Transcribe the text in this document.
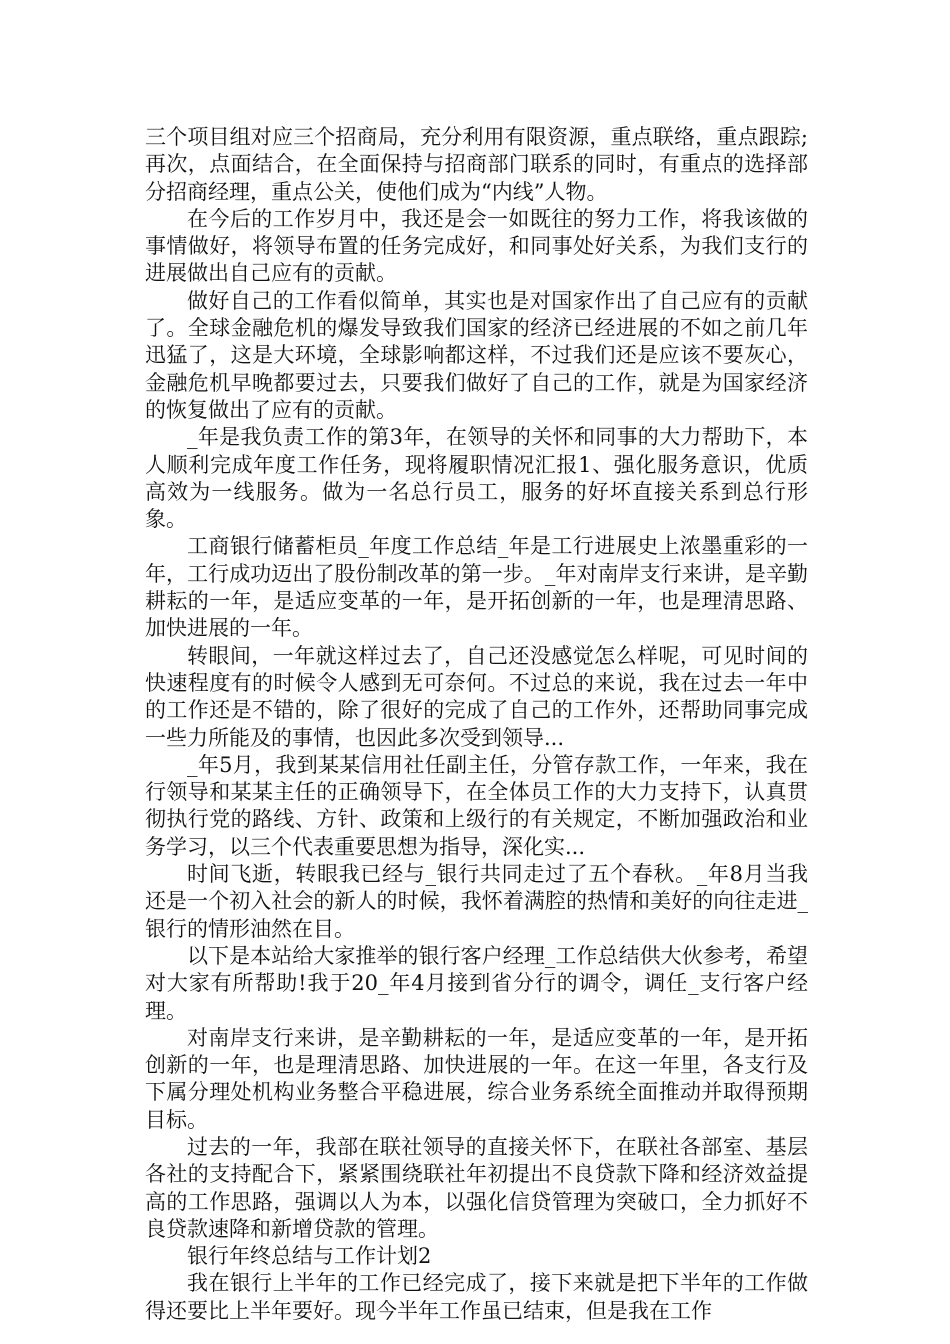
三个项目组对应三个招商局，充分利用有限资源，重点联络，重点跟踪;再次，点面结合，在全面保持与招商部门联系的同时，有重点的选择部分招商经理，重点公关，使他们成为“内线”人物。

在今后的工作岁月中，我还是会一如既往的努力工作，将我该做的事情做好，将领导布置的任务完成好，和同事处好关系，为我们支行的进展做出自己应有的贡献。

做好自己的工作看似简单，其实也是对国家作出了自己应有的贡献了。全球金融危机的爆发导致我们国家的经济已经进展的不如之前几年迅猛了，这是大环境，全球影响都这样，不过我们还是应该不要灰心，金融危机早晚都要过去，只要我们做好了自己的工作，就是为国家经济的恢复做出了应有的贡献。

_年是我负责工作的第3年，在领导的关怀和同事的大力帮助下，本人顺利完成年度工作任务，现将履职情况汇报1、强化服务意识，优质高效为一线服务。做为一名总行员工，服务的好坏直接关系到总行形象。

工商银行储蓄柜员_年度工作总结_年是工行进展史上浓墨重彩的一年，工行成功迈出了股份制改革的第一步。_年对南岸支行来讲，是辛勤耕耘的一年，是适应变革的一年，是开拓创新的一年，也是理清思路、加快进展的一年。

转眼间，一年就这样过去了，自己还没感觉怎么样呢，可见时间的快速程度有的时候令人感到无可奈何。不过总的来说，我在过去一年中的工作还是不错的，除了很好的完成了自己的工作外，还帮助同事完成一些力所能及的事情，也因此多次受到领导...

_年5月，我到某某信用社任副主任，分管存款工作，一年来，我在行领导和某某主任的正确领导下，在全体员工作的大力支持下，认真贯彻执行党的路线、方针、政策和上级行的有关规定，不断加强政治和业务学习，以三个代表重要思想为指导，深化实...

时间飞逝，转眼我已经与_银行共同走过了五个春秋。_年8月当我还是一个初入社会的新人的时候，我怀着满腔的热情和美好的向往走进_银行的情形油然在目。

以下是本站给大家推举的银行客户经理_工作总结供大伙参考，希望对大家有所帮助!我于20_年4月接到省分行的调令，调任_支行客户经理。

对南岸支行来讲，是辛勤耕耘的一年，是适应变革的一年，是开拓创新的一年，也是理清思路、加快进展的一年。在这一年里，各支行及下属分理处机构业务整合平稳进展，综合业务系统全面推动并取得预期目标。

过去的一年，我部在联社领导的直接关怀下，在联社各部室、基层各社的支持配合下，紧紧围绕联社年初提出不良贷款下降和经济效益提高的工作思路，强调以人为本，以强化信贷管理为突破口，全力抓好不良贷款速降和新增贷款的管理。

银行年终总结与工作计划2

我在银行上半年的工作已经完成了，接下来就是把下半年的工作做得还要比上半年要好。现今半年工作虽已结束，但是我在工作
